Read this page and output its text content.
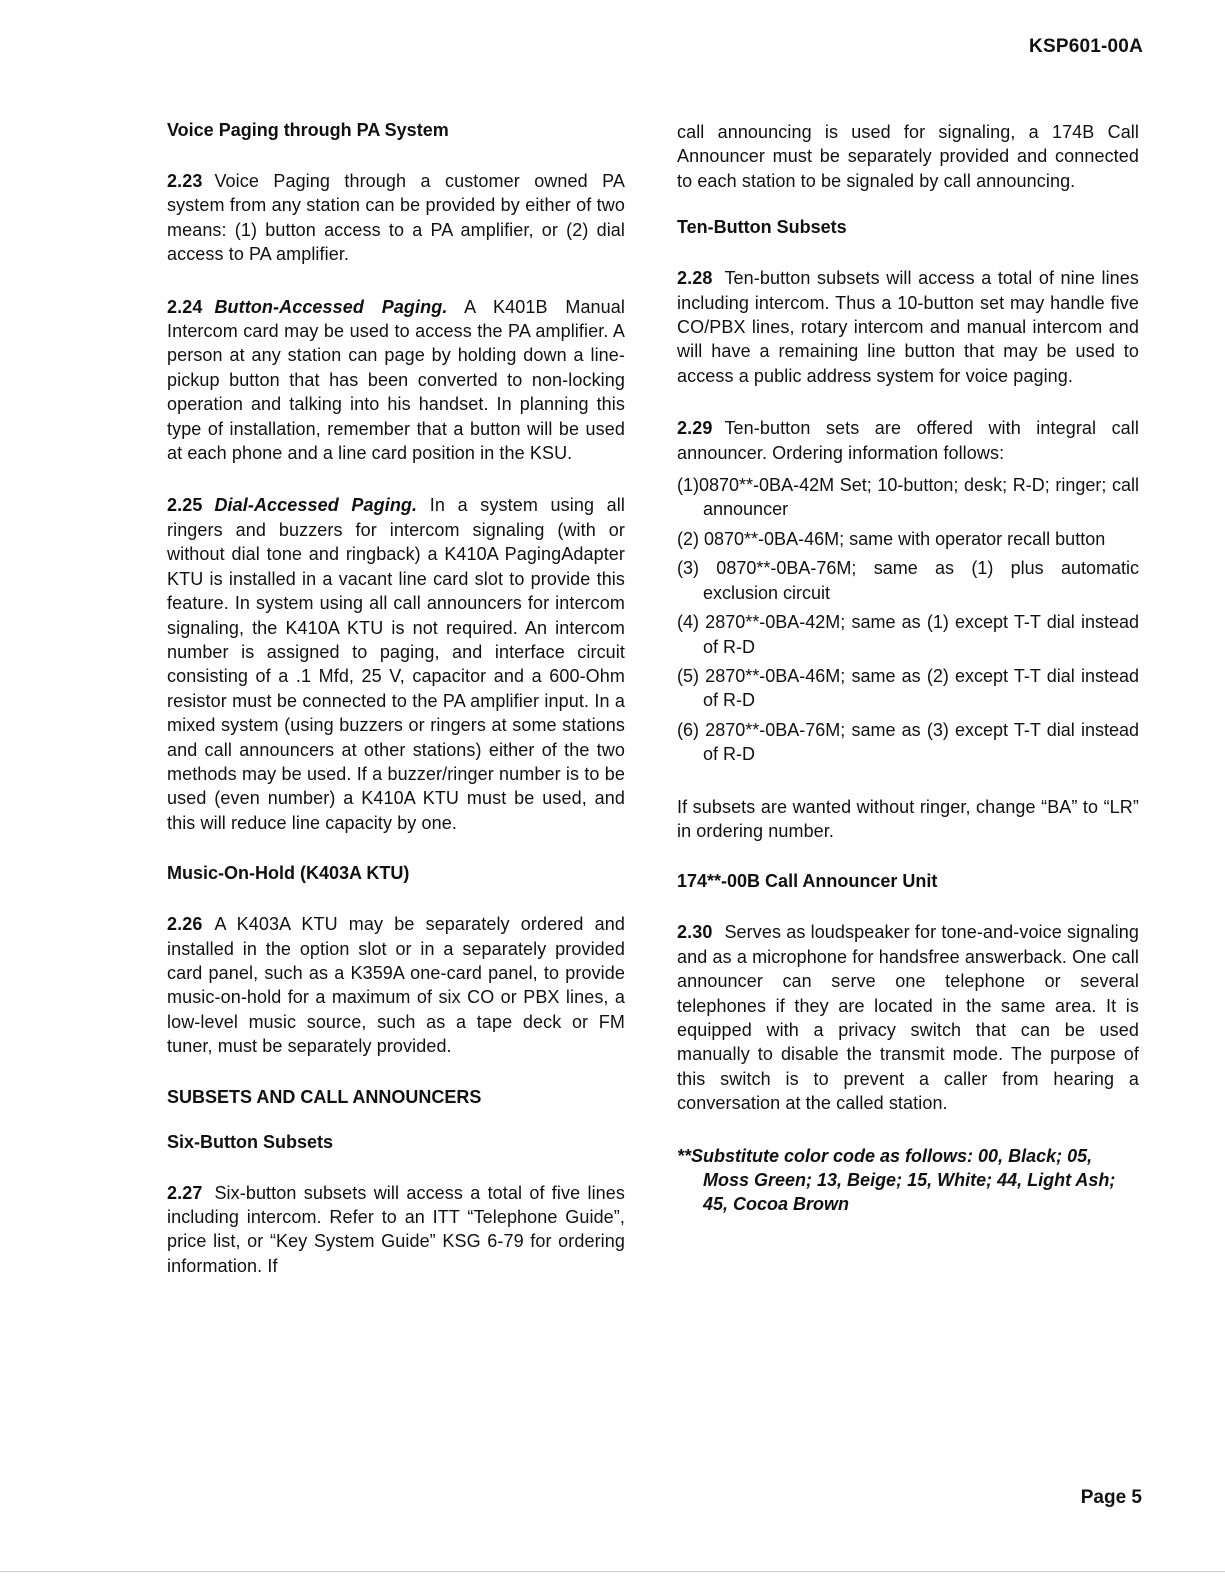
KSP601-00A

Voice Paging through PA System

2.23 Voice Paging through a customer owned PA system from any station can be provided by either of two means: (1) button access to a PA amplifier, or (2) dial access to PA amplifier.

2.24 Button-Accessed Paging. A K401B Manual Intercom card may be used to access the PA amplifier. A person at any station can page by holding down a line-pickup button that has been converted to non-locking operation and talking into his handset. In planning this type of installation, remember that a button will be used at each phone and a line card position in the KSU.

2.25 Dial-Accessed Paging. In a system using all ringers and buzzers for intercom signaling (with or without dial tone and ringback) a K410A PagingAdapter KTU is installed in a vacant line card slot to provide this feature. In system using all call announcers for intercom signaling, the K410A KTU is not required. An intercom number is assigned to paging, and interface circuit consisting of a .1 Mfd, 25 V, capacitor and a 600-Ohm resistor must be connected to the PA amplifier input. In a mixed system (using buzzers or ringers at some stations and call announcers at other stations) either of the two methods may be used. If a buzzer/ringer number is to be used (even number) a K410A KTU must be used, and this will reduce line capacity by one.

Music-On-Hold (K403A KTU)

2.26 A K403A KTU may be separately ordered and installed in the option slot or in a separately provided card panel, such as a K359A one-card panel, to provide music-on-hold for a maximum of six CO or PBX lines, a low-level music source, such as a tape deck or FM tuner, must be separately provided.

SUBSETS AND CALL ANNOUNCERS

Six-Button Subsets

2.27 Six-button subsets will access a total of five lines including intercom. Refer to an ITT “Telephone Guide”, price list, or “Key System Guide” KSG 6-79 for ordering information. If

call announcing is used for signaling, a 174B Call Announcer must be separately provided and connected to each station to be signaled by call announcing.

Ten-Button Subsets

2.28 Ten-button subsets will access a total of nine lines including intercom. Thus a 10-button set may handle five CO/PBX lines, rotary intercom and manual intercom and will have a remaining line button that may be used to access a public address system for voice paging.

2.29 Ten-button sets are offered with integral call announcer. Ordering information follows:

(1)0870**-0BA-42M Set; 10-button; desk; R-D; ringer; call announcer

(2) 0870**-0BA-46M; same with operator recall button

(3) 0870**-0BA-76M; same as (1) plus automatic exclusion circuit

(4) 2870**-0BA-42M; same as (1) except T-T dial instead of R-D

(5) 2870**-0BA-46M; same as (2) except T-T dial instead of R-D

(6) 2870**-0BA-76M; same as (3) except T-T dial instead of R-D

If subsets are wanted without ringer, change “BA” to “LR” in ordering number.

174**-00B Call Announcer Unit

2.30 Serves as loudspeaker for tone-and-voice signaling and as a microphone for handsfree answerback. One call announcer can serve one telephone or several telephones if they are located in the same area. It is equipped with a privacy switch that can be used manually to disable the transmit mode. The purpose of this switch is to prevent a caller from hearing a conversation at the called station.

**Substitute color code as follows: 00, Black; 05, Moss Green; 13, Beige; 15, White; 44, Light Ash; 45, Cocoa Brown

Page 5
